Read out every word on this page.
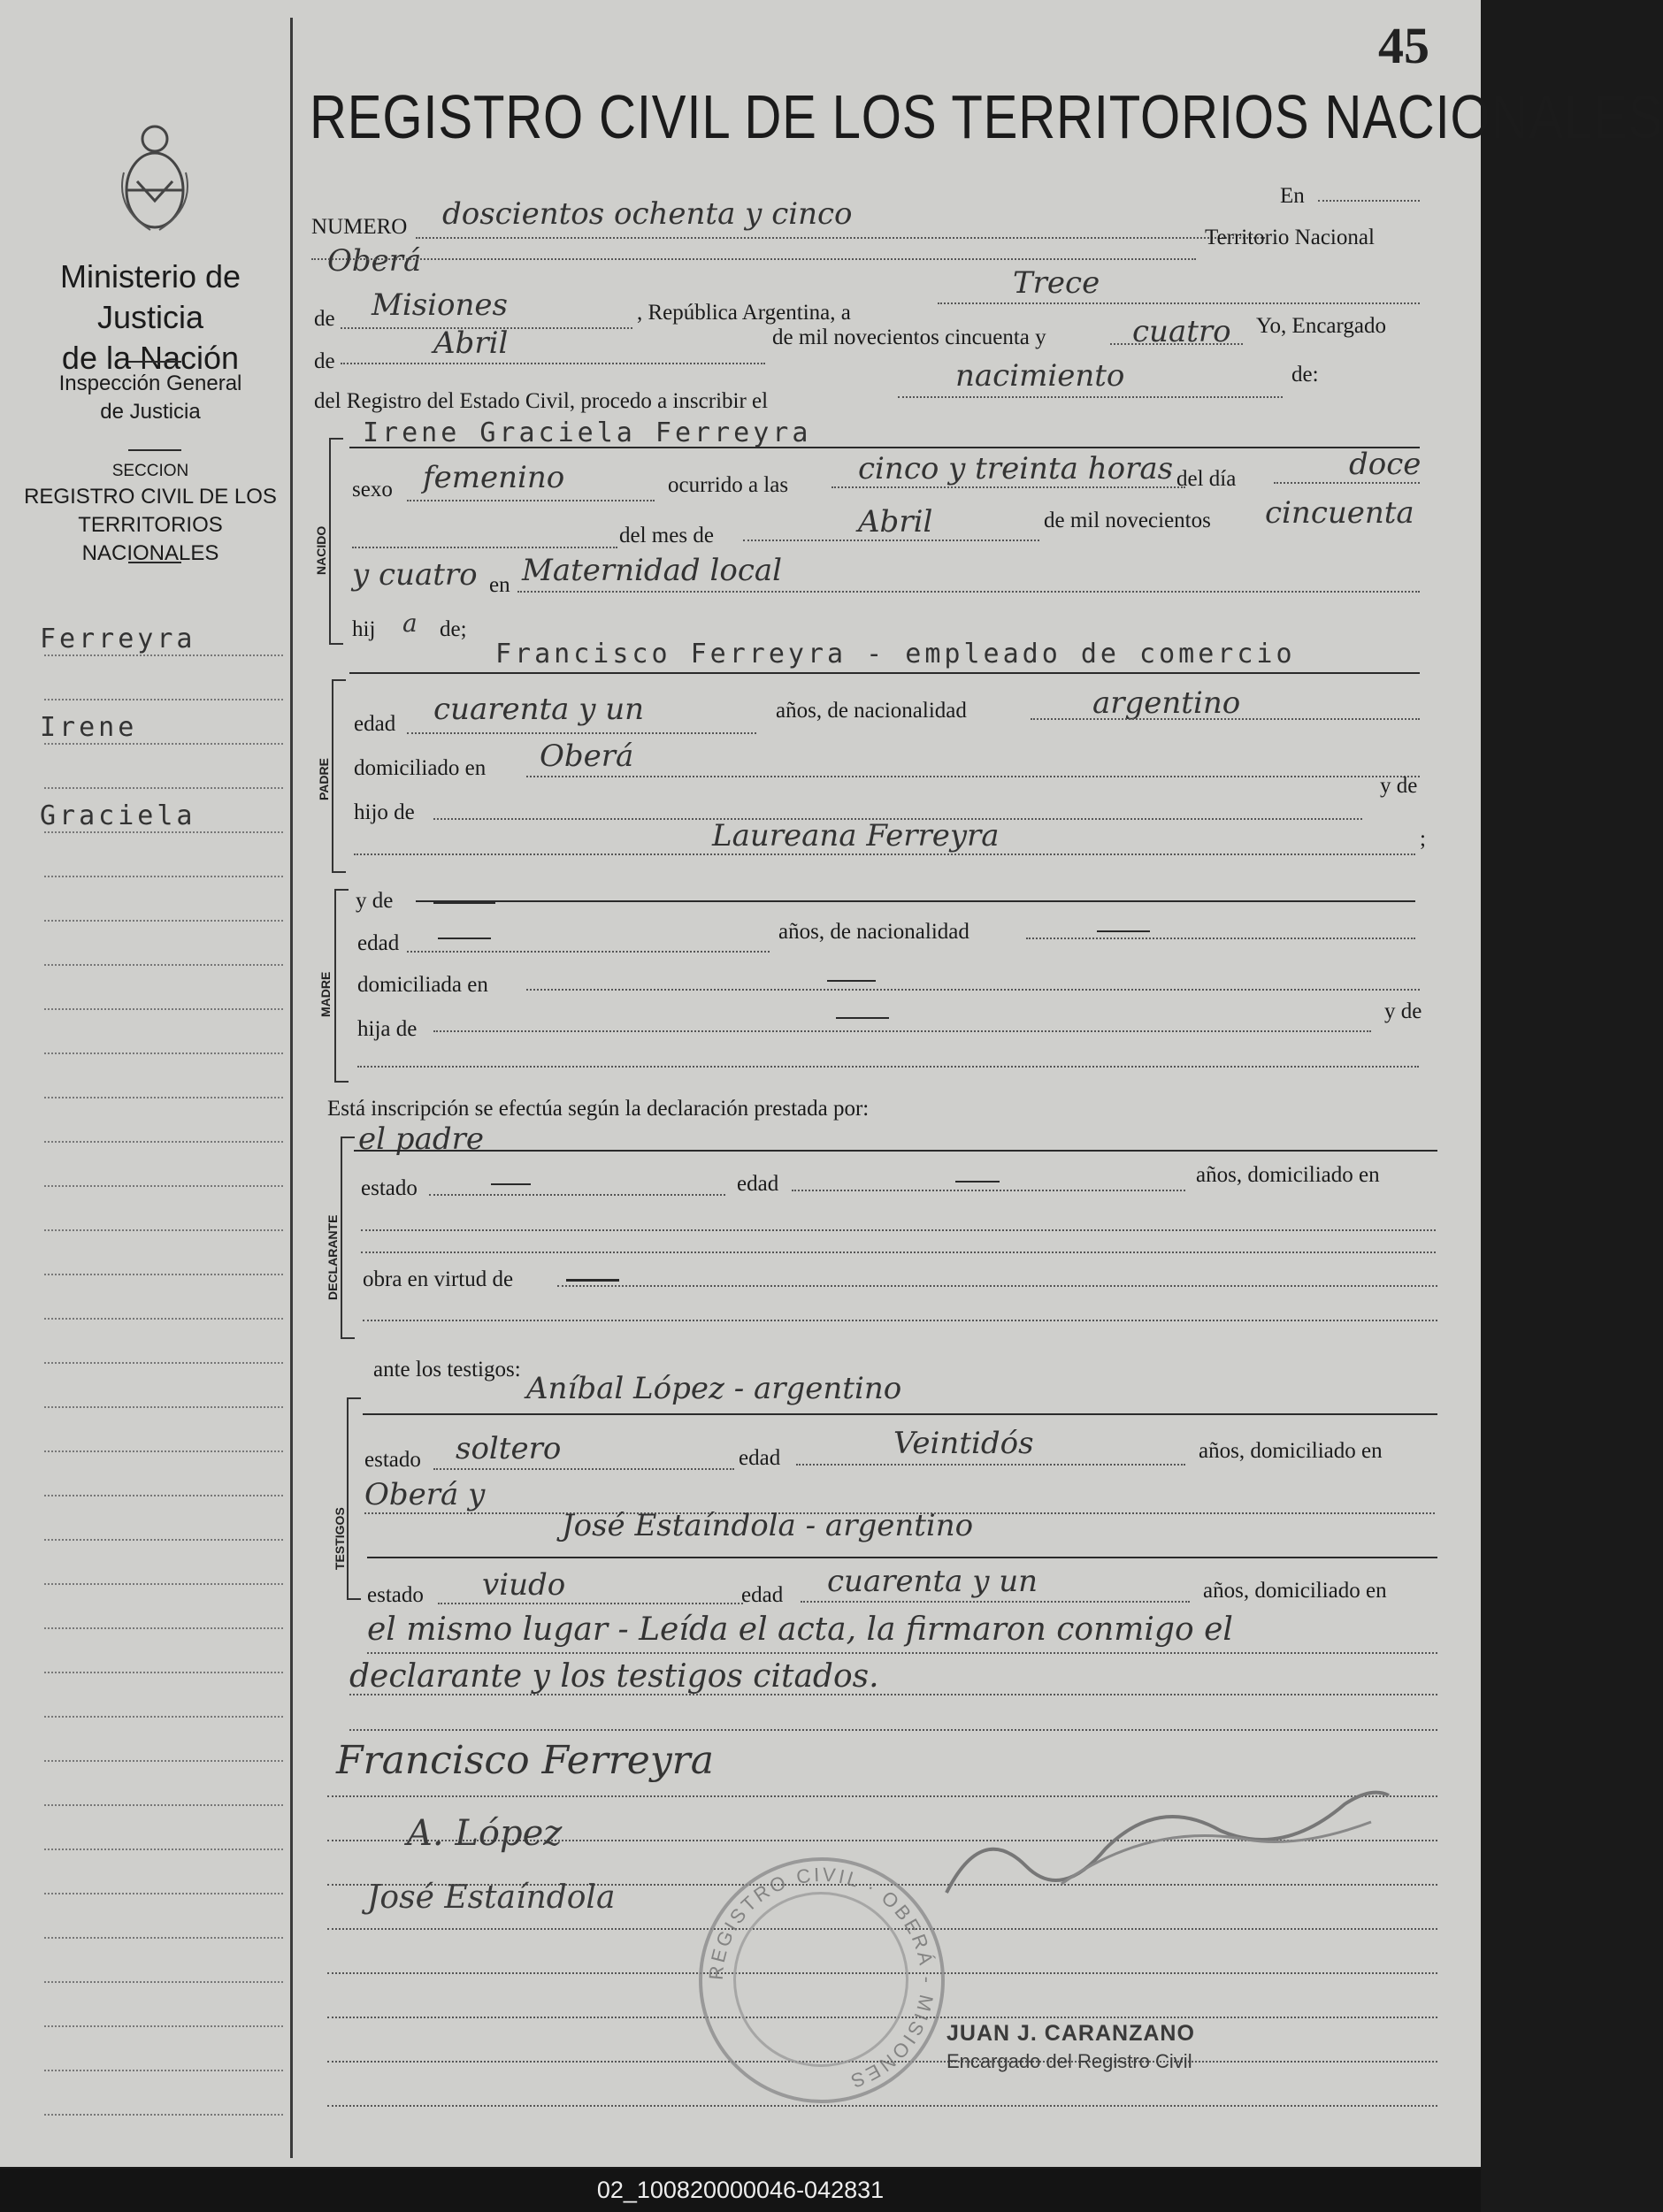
45
Ministerio de Justicia
de la Nación
Inspección General
de Justicia
SECCION
REGISTRO CIVIL DE LOS
TERRITORIOS NACIONALES
Ferreyra
Irene
Graciela
REGISTRO CIVIL DE LOS TERRITORIOS NACIONALES
NUMERO doscientos ochenta y cinco
En
Oberá
Territorio Nacional
de Misiones	, República Argentina, a
Trece
de
Abril	de mil novecientos cincuenta y	cuatro Yo, Encargado
del Registro del Estado Civil, procedo a inscribir el
nacimiento	de:
NACIDO
Irene Graciela Ferreyra
sexo femenino	ocurrido a las cinco y treinta horas del día	doce
del mes de	Abril	de mil novecientos cincuenta
y cuatro en Maternidad local
hij a de;
PADRE
Francisco Ferreyra - empleado de comercio
edad cuarenta y un	años, de nacionalidad	argentino
domiciliado en Oberá
hijo de
y de
Laureana Ferreyra	;
MADRE
y de
edad	años, de nacionalidad
domiciliada en
hija de
y de
Está inscripción se efectúa según la declaración prestada por:
DECLARANTE
el padre
estado	edad	años, domiciliado en
obra en virtud de
ante los testigos:
TESTIGOS
Aníbal López - argentino
estado soltero	edad	Veintidós	años, domiciliado en
Oberá y
José Estaíndola - argentino
estado viudo	edad cuarenta y un	años, domiciliado en
el mismo lugar - Leída el acta, la firmaron conmigo el
declarante y los testigos citados.
Francisco Ferreyra
A. López
José Estaíndola
REGISTRO CIVIL · OBERÁ - MISIONES
JUAN J. CARANZANO
Encargado del Registro Civil
02_100820000046-042831
